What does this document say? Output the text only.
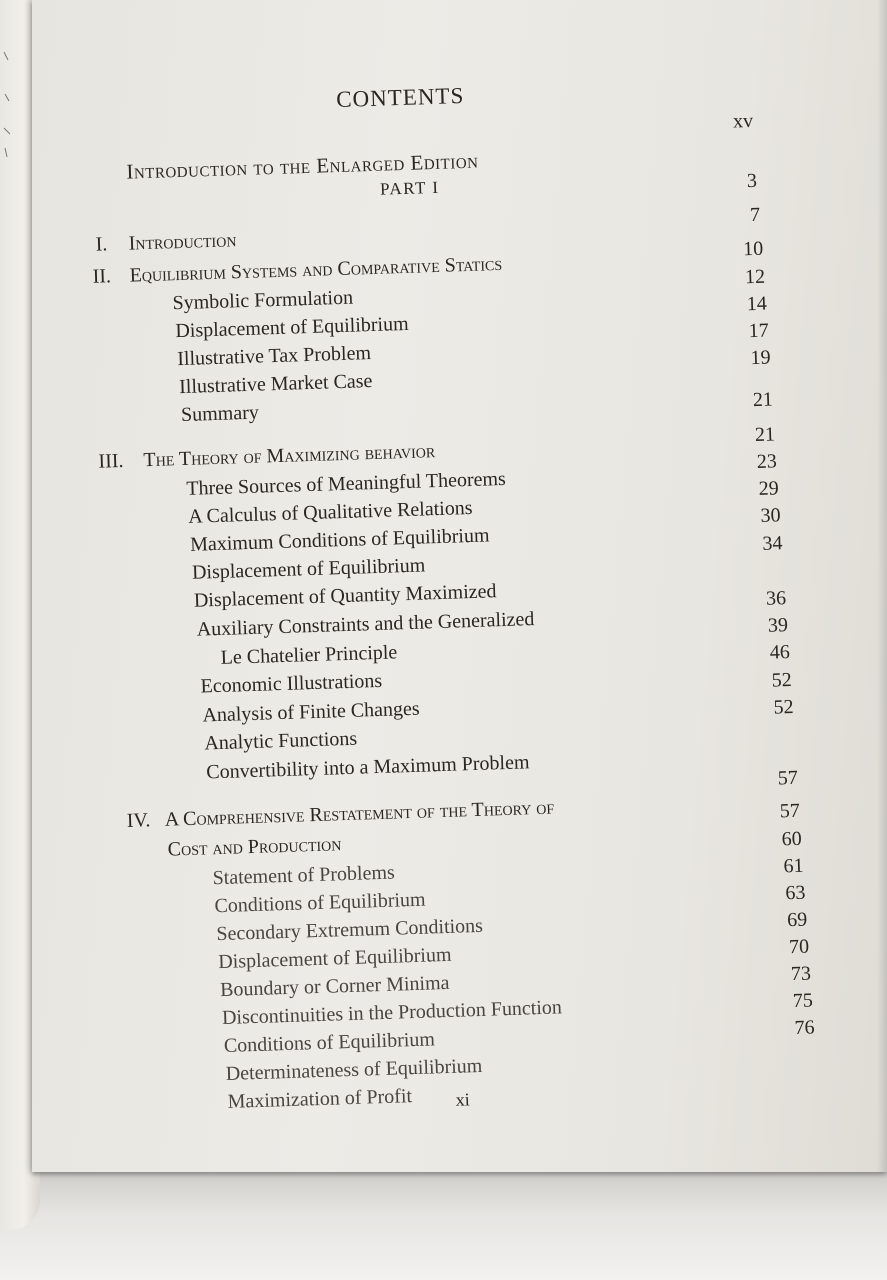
CONTENTS
Introduction to the Enlarged Edition
xv
PART I
I. Introduction
3
II. Equilibrium Systems and Comparative Statics
7
Symbolic Formulation
10
Displacement of Equilibrium
12
Illustrative Tax Problem
14
Illustrative Market Case
17
Summary
19
III. The Theory of Maximizing behavior
21
Three Sources of Meaningful Theorems
21
A Calculus of Qualitative Relations
23
Maximum Conditions of Equilibrium
29
Displacement of Equilibrium
30
Displacement of Quantity Maximized
34
Auxiliary Constraints and the Generalized
Le Chatelier Principle
36
Economic Illustrations
39
Analysis of Finite Changes
46
Analytic Functions
52
Convertibility into a Maximum Problem
52
IV. A Comprehensive Restatement of the Theory of
Cost and Production
57
Statement of Problems
57
Conditions of Equilibrium
60
Secondary Extremum Conditions
61
Displacement of Equilibrium
63
Boundary or Corner Minima
69
Discontinuities in the Production Function
70
Conditions of Equilibrium
73
Determinateness of Equilibrium
75
Maximization of Profit
76
xi
